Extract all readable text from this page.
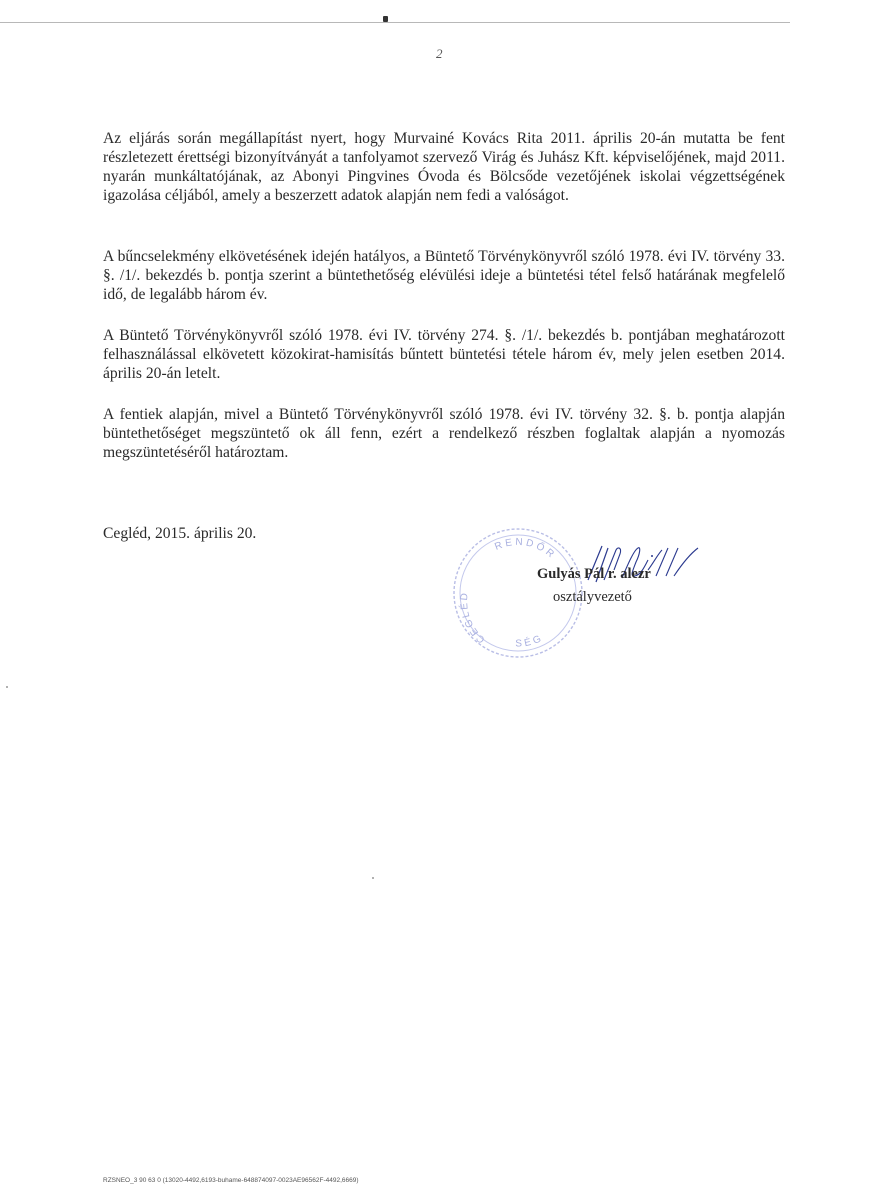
2

Az eljárás során megállapítást nyert, hogy Murvainé Kovács Rita 2011. április 20-án mutatta be fent részletezett érettségi bizonyítványát a tanfolyamot szervező Virág és Juhász Kft. képviselőjének, majd 2011. nyarán munkáltatójának, az Abonyi Pingvines Óvoda és Bölcsőde vezetőjének iskolai végzettségének igazolása céljából, amely a beszerzett adatok alapján nem fedi a valóságot.

A bűncselekmény elkövetésének idején hatályos, a Büntető Törvénykönyvről szóló 1978. évi IV. törvény 33. §. /1/. bekezdés b. pontja szerint a büntethetőség elévülési ideje a büntetési tétel felső határának megfelelő idő, de legalább három év.

A Büntető Törvénykönyvről szóló 1978. évi IV. törvény 274. §. /1/. bekezdés b. pontjában meghatározott felhasználással elkövetett közokirat-hamisítás bűntett büntetési tétele három év, mely jelen esetben 2014. április 20-án letelt.

A fentiek alapján, mivel a Büntető Törvénykönyvről szóló 1978. évi IV. törvény 32. §. b. pontja alapján büntethetőséget megszüntető ok áll fenn, ezért a rendelkező részben foglaltak alapján a nyomozás megszüntetéséről határoztam.

Cegléd, 2015. április 20.
RENDŐR
SÉG
CEGLÉD
Gulyás Pál r. alezr
osztályvezető
RZSNEO_3 90 63 0 (13020-4492,6193-buhame-648874097-0023AE96562F-4492,6669)
